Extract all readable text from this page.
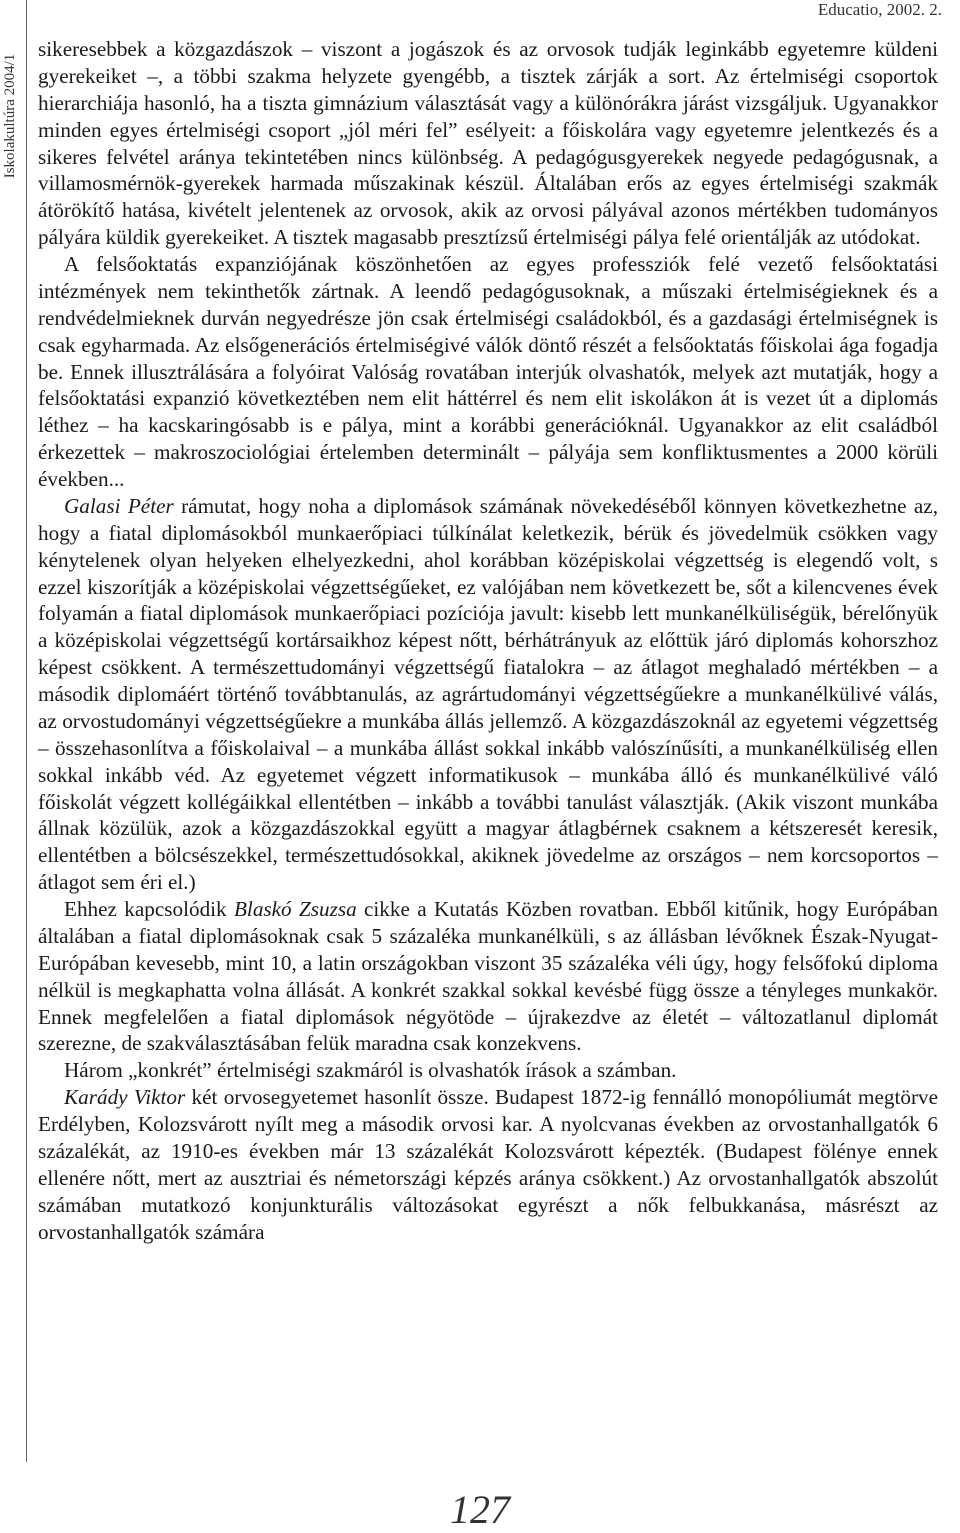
Educatio, 2002. 2.
Iskolakultúra 2004/1

sikeresebbek a közgazdászok – viszont a jogászok és az orvosok tudják leginkább egyetemre küldeni gyerekeiket –, a többi szakma helyzete gyengébb, a tisztek zárják a sort. Az értelmiségi csoportok hierarchiája hasonló, ha a tiszta gimnázium választását vagy a különórákra járást vizsgáljuk. Ugyanakkor minden egyes értelmiségi csoport „jól méri fel” esélyeit: a főiskolára vagy egyetemre jelentkezés és a sikeres felvétel aránya tekintetében nincs különbség. A pedagógusgyerekek negyede pedagógusnak, a villamosmérnök-gyerekek harmada műszakinak készül. Általában erős az egyes értelmiségi szakmák átörökítő hatása, kivételt jelentenek az orvosok, akik az orvosi pályával azonos mértékben tudományos pályára küldik gyerekeiket. A tisztek magasabb presztízsű értelmiségi pálya felé orientálják az utódokat.

A felsőoktatás expanziójának köszönhetően az egyes professziók felé vezető felsőoktatási intézmények nem tekinthetők zártnak. A leendő pedagógusoknak, a műszaki értelmiségieknek és a rendvédelmieknek durván negyedrésze jön csak értelmiségi családokból, és a gazdasági értelmiségnek is csak egyharmada. Az elsőgenerációs értelmiségivé válók döntő részét a felsőoktatás főiskolai ága fogadja be. Ennek illusztrálására a folyóirat Valóság rovatában interjúk olvashatók, melyek azt mutatják, hogy a felsőoktatási expanzió következtében nem elit háttérrel és nem elit iskolákon át is vezet út a diplomás léthez – ha kacskaringósabb is e pálya, mint a korábbi generációknál. Ugyanakkor az elit családból érkezettek – makroszociológiai értelemben determinált – pályája sem konfliktusmentes a 2000 körüli években...

Galasi Péter rámutat, hogy noha a diplomások számának növekedéséből könnyen következhetne az, hogy a fiatal diplomásokból munkaerőpiaci túlkínálat keletkezik, bérük és jövedelmük csökken vagy kénytelenek olyan helyeken elhelyezkedni, ahol korábban középiskolai végzettség is elegendő volt, s ezzel kiszorítják a középiskolai végzettségűeket, ez valójában nem következett be, sőt a kilencvenes évek folyamán a fiatal diplomások munkaerőpiaci pozíciója javult: kisebb lett munkanélküliségük, bérelőnyük a középiskolai végzettségű kortársaikhoz képest nőtt, bérhátrányuk az előttük járó diplomás kohorszhoz képest csökkent. A természettudományi végzettségű fiatalokra – az átlagot meghaladó mértékben – a második diplomáért történő továbbtanulás, az agrártudományi végzettségűekre a munkanélkülivé válás, az orvostudományi végzettségűekre a munkába állás jellemző. A közgazdászoknál az egyetemi végzettség – összehasonlítva a főiskolaival – a munkába állást sokkal inkább valószínűsíti, a munkanélküliség ellen sokkal inkább véd. Az egyetemet végzett informatikusok – munkába álló és munkanélkülivé váló főiskolát végzett kollégáikkal ellentétben – inkább a további tanulást választják. (Akik viszont munkába állnak közülük, azok a közgazdászokkal együtt a magyar átlagbérnek csaknem a kétszeresét keresik, ellentétben a bölcsészekkel, természettudósokkal, akiknek jövedelme az országos – nem korcsoportos – átlagot sem éri el.)

Ehhez kapcsolódik Blaskó Zsuzsa cikke a Kutatás Közben rovatban. Ebből kitűnik, hogy Európában általában a fiatal diplomásoknak csak 5 százaléka munkanélküli, s az állásban lévőknek Észak-Nyugat-Európában kevesebb, mint 10, a latin országokban viszont 35 százaléka véli úgy, hogy felsőfokú diploma nélkül is megkaphatta volna állását. A konkrét szakkal sokkal kevésbé függ össze a tényleges munkakör. Ennek megfelelően a fiatal diplomások négyötöde – újrakezdve az életét – változatlanul diplomát szerezne, de szakválasztásában felük maradna csak konzekvens.

Három „konkrét” értelmiségi szakmáról is olvashatók írások a számban.

Karády Viktor két orvosegyetemet hasonlít össze. Budapest 1872-ig fennálló monopóliumát megtörve Erdélyben, Kolozsvárott nyílt meg a második orvosi kar. A nyolcvanas években az orvostanhallgatók 6 százalékát, az 1910-es években már 13 százalékát Kolozsvárott képezték. (Budapest fölénye ennek ellenére nőtt, mert az ausztriai és németországi képzés aránya csökkent.) Az orvostanhallgatók abszolút számában mutatkozó konjunkturális változásokat egyrészt a nők felbukkanása, másrészt az orvostanhallgatók számára

127
